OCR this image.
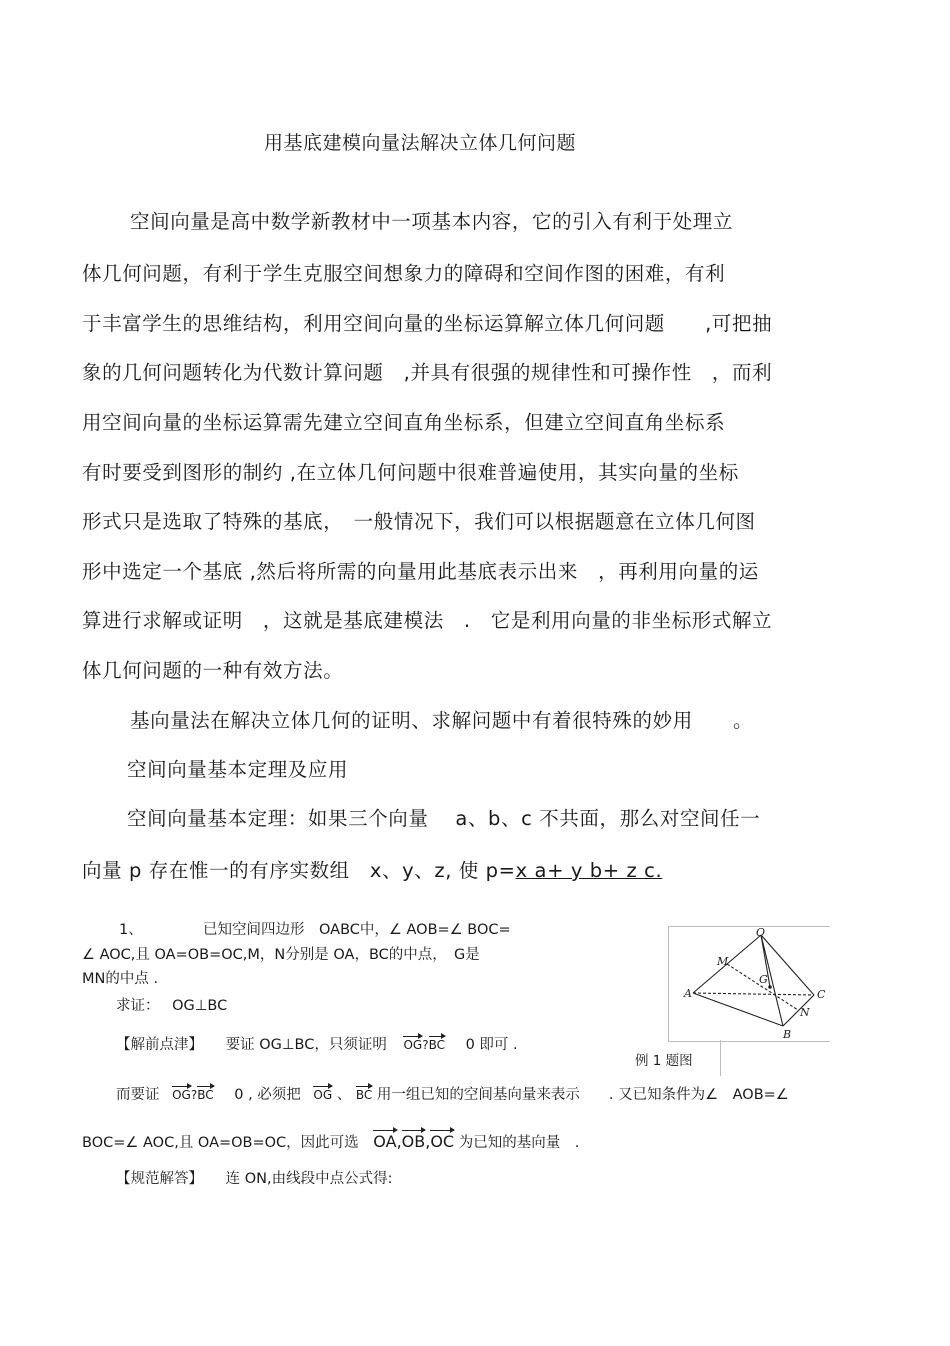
用基底建模向量法解决立体几何问题
空间向量是高中数学新教材中一项基本内容，它的引入有利于处理立
体几何问题，有利于学生克服空间想象力的障碍和空间作图的困难，有利
于丰富学生的思维结构，利用空间向量的坐标运算解立体几何问题　　,可把抽
象的几何问题转化为代数计算问题　,并具有很强的规律性和可操作性　，而利
用空间向量的坐标运算需先建立空间直角坐标系，但建立空间直角坐标系
有时要受到图形的制约 ,在立体几何问题中很难普遍使用，其实向量的坐标
形式只是选取了特殊的基底，　一般情况下，我们可以根据题意在立体几何图
形中选定一个基底 ,然后将所需的向量用此基底表示出来　，再利用向量的运
算进行求解或证明　，这就是基底建模法　.　它是利用向量的非坐标形式解立
体几何问题的一种有效方法。
基向量法在解决立体几何的证明、求解问题中有着很特殊的妙用　　。
空间向量基本定理及应用
空间向量基本定理：如果三个向量　 a、b、c 不共面，那么对空间任一
向量 p 存在惟一的有序实数组　x、y、z, 使 p=x a+ y b+ z c.
1、	已知空间四边形　OABC中，∠ AOB=∠ BOC=
∠ AOC,且 OA=OB=OC,M，N分别是 OA，BC的中点，　G是
MN的中点 .
求证： OG⊥BC
【解前点津】 要证 OG⊥BC，只须证明 OG?BC 0 即可 .
而要证 OG?BC 0 , 必须把 OG 、 BC 用一组已知的空间基向量来表示　　. 又已知条件为∠　AOB=∠
BOC=∠ AOC,且 OA=OB=OC，因此可选 OA,OB,OC 为已知的基向量　.
【规范解答】 连 ON,由线段中点公式得:
O
M
G
A	C
N
B
例 1 题图
